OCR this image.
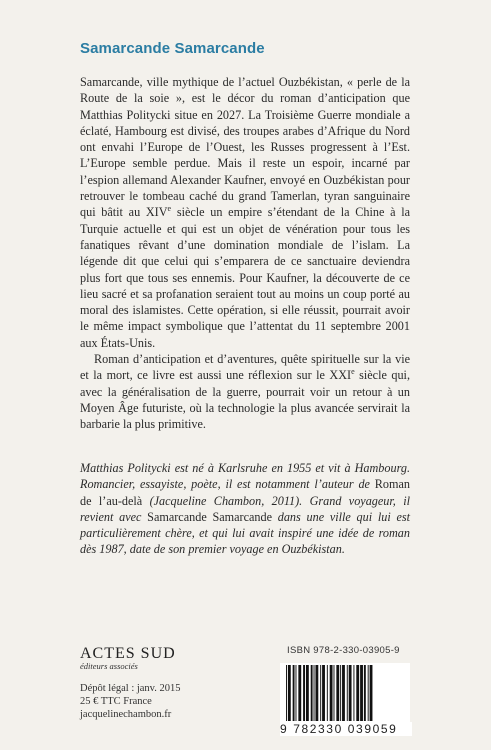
Samarcande Samarcande

Samarcande, ville mythique de l’actuel Ouzbékistan, « perle de la Route de la soie », est le décor du roman d’anticipation que Matthias Politycki situe en 2027. La Troisième Guerre mondiale a éclaté, Hambourg est divisé, des troupes arabes d’Afrique du Nord ont envahi l’Europe de l’Ouest, les Russes progressent à l’Est. L’Europe semble perdue. Mais il reste un espoir, incarné par l’espion allemand Alexander Kaufner, envoyé en Ouzbékistan pour retrouver le tombeau caché du grand Tamerlan, tyran sanguinaire qui bâtit au XIVe siècle un empire s’étendant de la Chine à la Turquie actuelle et qui est un objet de vénération pour tous les fanatiques rêvant d’une domination mondiale de l’islam. La légende dit que celui qui s’emparera de ce sanctuaire deviendra plus fort que tous ses ennemis. Pour Kaufner, la découverte de ce lieu sacré et sa profanation seraient tout au moins un coup porté au moral des islamistes. Cette opération, si elle réussit, pourrait avoir le même impact symbolique que l’attentat du 11 septembre 2001 aux États-Unis.

Roman d’anticipation et d’aventures, quête spirituelle sur la vie et la mort, ce livre est aussi une réflexion sur le XXIe siècle qui, avec la généralisation de la guerre, pourrait voir un retour à un Moyen Âge futuriste, où la technologie la plus avancée servirait la barbarie la plus primitive.

Matthias Politycki est né à Karlsruhe en 1955 et vit à Hambourg. Romancier, essayiste, poète, il est notamment l’auteur de Roman de l’au-delà (Jacqueline Chambon, 2011). Grand voyageur, il revient avec Samarcande Samarcande dans une ville qui lui est particulièrement chère, et qui lui avait inspiré une idée de roman dès 1987, date de son premier voyage en Ouzbékistan.
ACTES SUD
éditeurs associés
Dépôt légal : janv. 2015
25 € TTC France
jacquelinechambon.fr
ISBN 978-2-330-03905-9
9 782330 039059
